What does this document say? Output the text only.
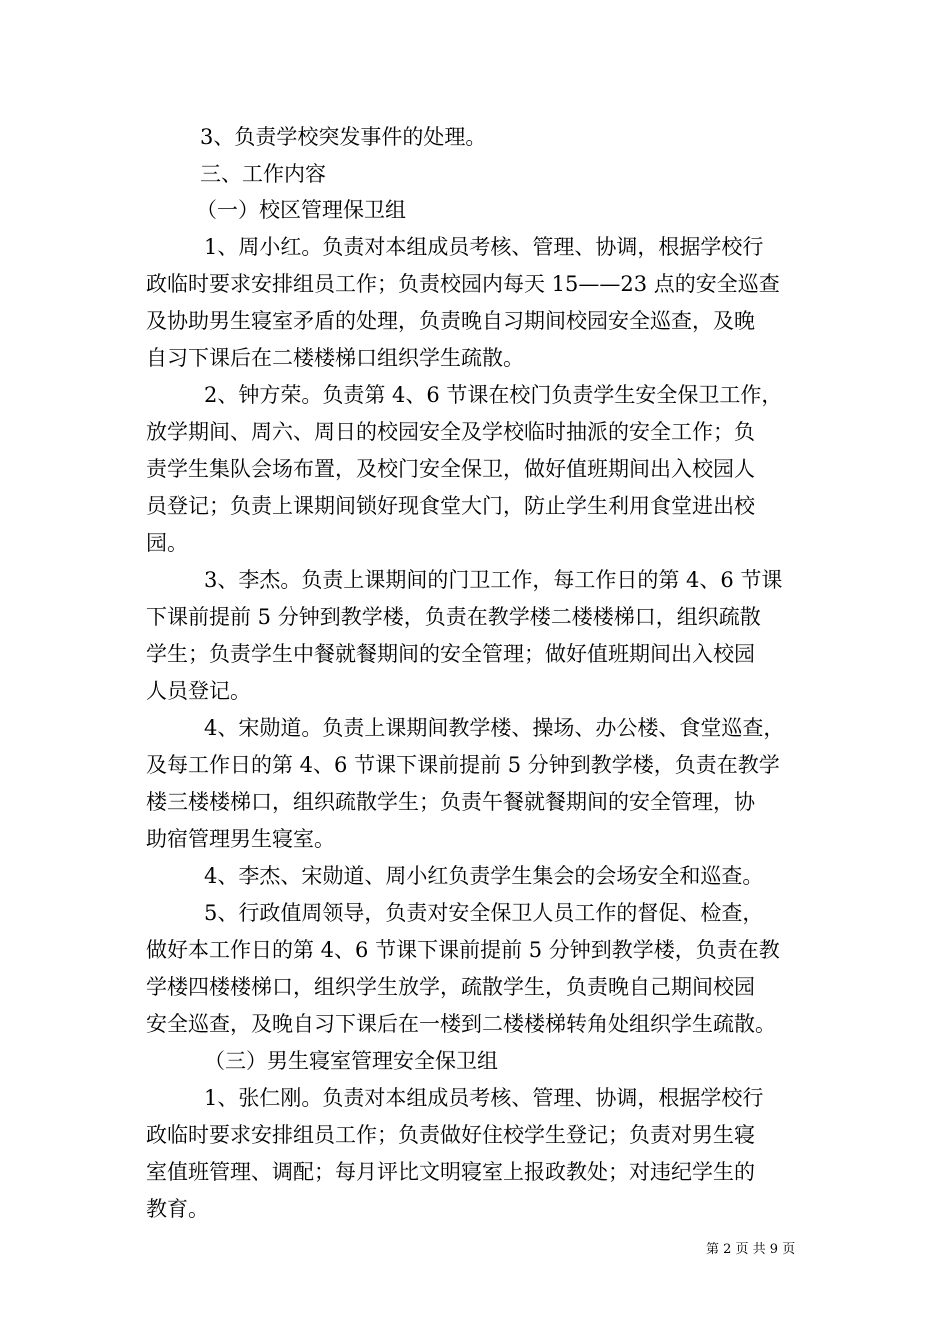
3、负责学校突发事件的处理。
三、工作内容
（一）校区管理保卫组
1、周小红。负责对本组成员考核、管理、协调，根据学校行
政临时要求安排组员工作；负责校园内每天 15——23 点的安全巡查
及协助男生寝室矛盾的处理，负责晚自习期间校园安全巡查，及晚
自习下课后在二楼楼梯口组织学生疏散。
2、钟方荣。负责第 4、6 节课在校门负责学生安全保卫工作，
放学期间、周六、周日的校园安全及学校临时抽派的安全工作；负
责学生集队会场布置，及校门安全保卫，做好值班期间出入校园人
员登记；负责上课期间锁好现食堂大门，防止学生利用食堂进出校
园。
3、李杰。负责上课期间的门卫工作，每工作日的第 4、6 节课
下课前提前 5 分钟到教学楼，负责在教学楼二楼楼梯口，组织疏散
学生；负责学生中餐就餐期间的安全管理；做好值班期间出入校园
人员登记。
4、宋勋道。负责上课期间教学楼、操场、办公楼、食堂巡查，
及每工作日的第 4、6 节课下课前提前 5 分钟到教学楼，负责在教学
楼三楼楼梯口，组织疏散学生；负责午餐就餐期间的安全管理，协
助宿管理男生寝室。
4、李杰、宋勋道、周小红负责学生集会的会场安全和巡查。
5、行政值周领导，负责对安全保卫人员工作的督促、检查，
做好本工作日的第 4、6 节课下课前提前 5 分钟到教学楼，负责在教
学楼四楼楼梯口，组织学生放学，疏散学生，负责晚自己期间校园
安全巡查，及晚自习下课后在一楼到二楼楼梯转角处组织学生疏散。
（三）男生寝室管理安全保卫组
1、张仁刚。负责对本组成员考核、管理、协调，根据学校行
政临时要求安排组员工作；负责做好住校学生登记；负责对男生寝
室值班管理、调配；每月评比文明寝室上报政教处；对违纪学生的
教育。
第 2 页 共 9 页
